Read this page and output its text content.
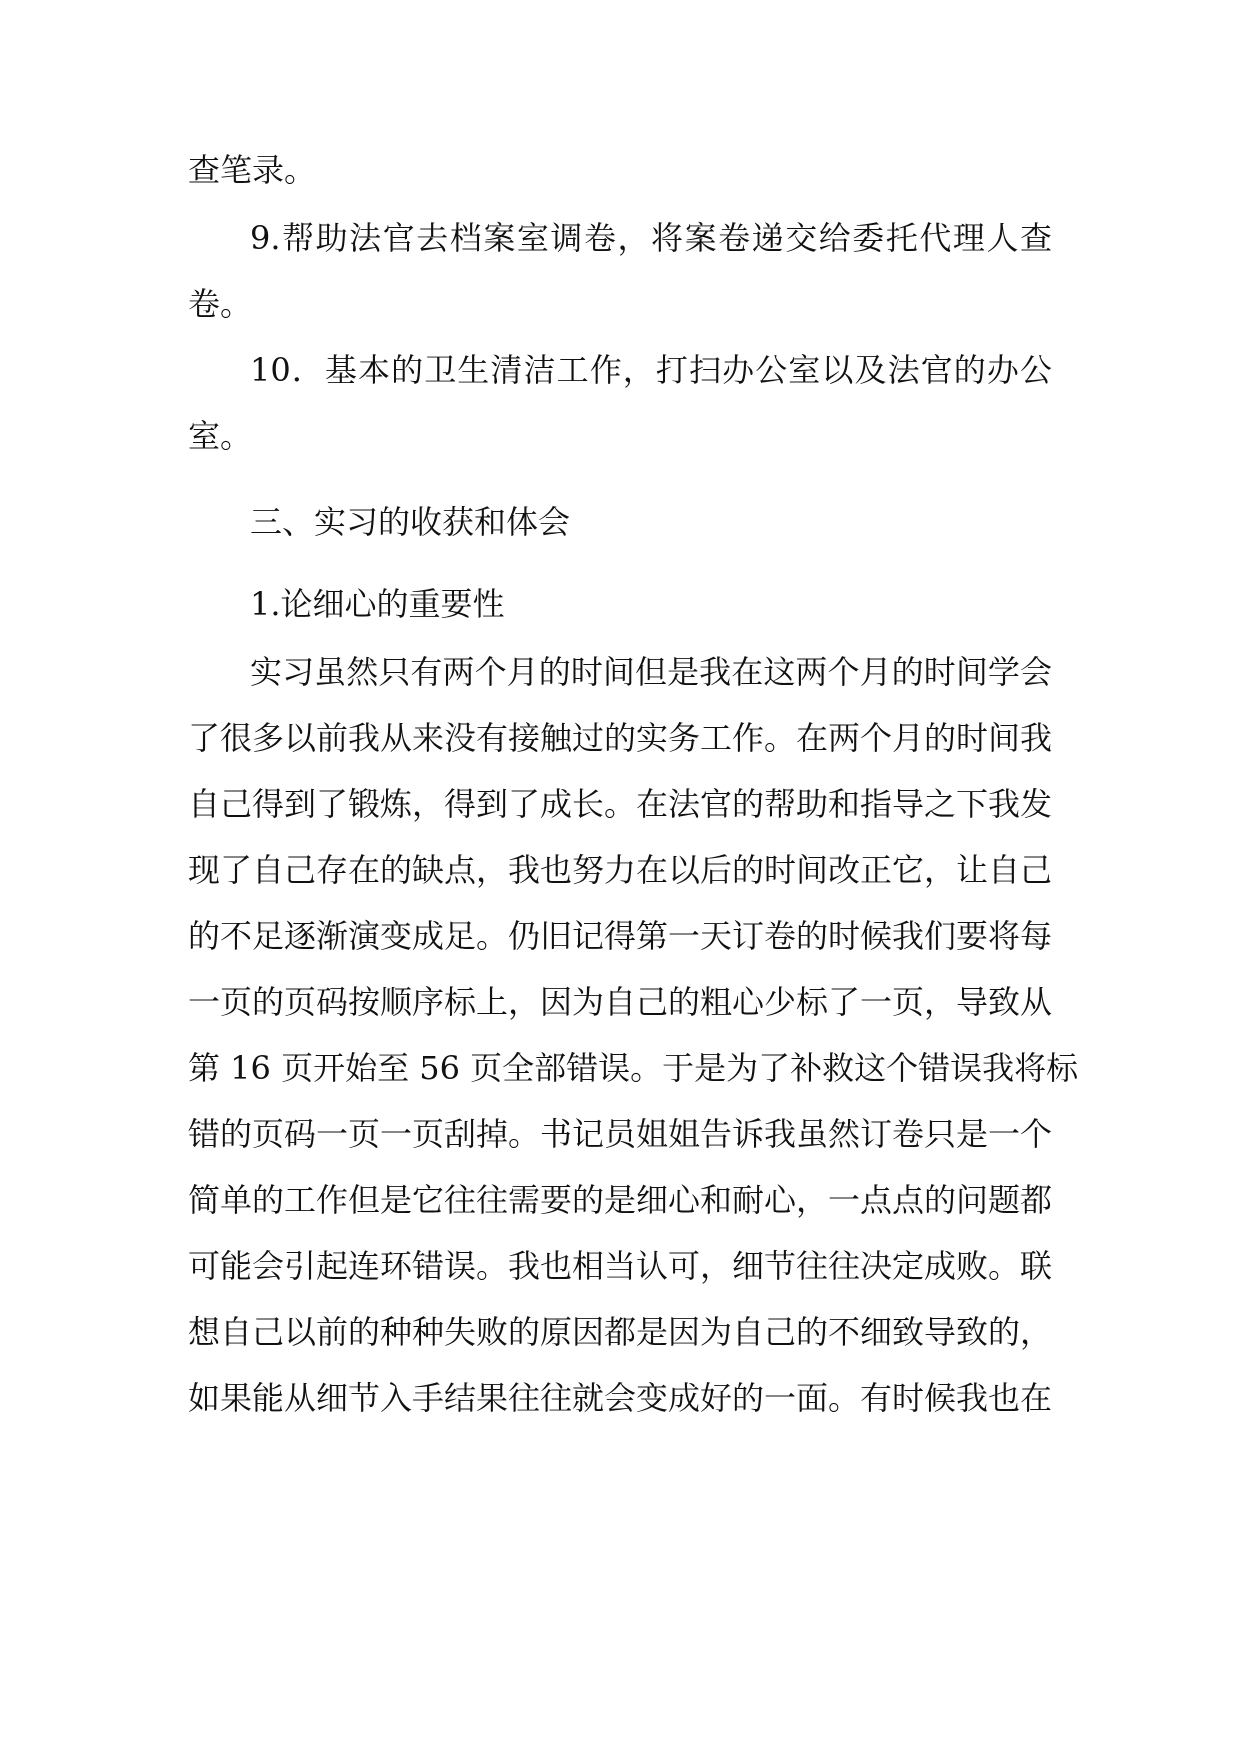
查笔录。
9.帮助法官去档案室调卷，将案卷递交给委托代理人查
卷。
10．基本的卫生清洁工作，打扫办公室以及法官的办公
室。
三、实习的收获和体会
1.论细心的重要性
实习虽然只有两个月的时间但是我在这两个月的时间学会
了很多以前我从来没有接触过的实务工作。在两个月的时间我
自己得到了锻炼，得到了成长。在法官的帮助和指导之下我发
现了自己存在的缺点，我也努力在以后的时间改正它，让自己
的不足逐渐演变成足。仍旧记得第一天订卷的时候我们要将每
一页的页码按顺序标上，因为自己的粗心少标了一页，导致从
第 16 页开始至 56 页全部错误。于是为了补救这个错误我将标
错的页码一页一页刮掉。书记员姐姐告诉我虽然订卷只是一个
简单的工作但是它往往需要的是细心和耐心，一点点的问题都
可能会引起连环错误。我也相当认可，细节往往决定成败。联
想自己以前的种种失败的原因都是因为自己的不细致导致的，
如果能从细节入手结果往往就会变成好的一面。有时候我也在
